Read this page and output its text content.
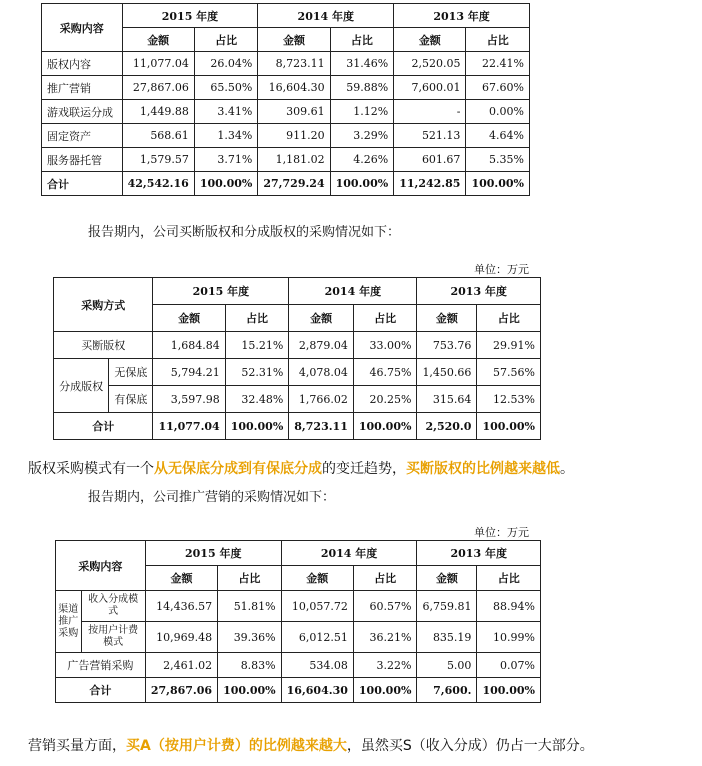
采购内容	2015 年度		2014 年度		2013 年度	
	金额	占比	金额	占比	金额	占比
版权内容	11,077.04	26.04%	8,723.11	31.46%	2,520.05	22.41%
推广营销	27,867.06	65.50%	16,604.30	59.88%	7,600.01	67.60%
游戏联运分成	1,449.88	3.41%	309.61	1.12%	-	0.00%
固定资产	568.61	1.34%	911.20	3.29%	521.13	4.64%
服务器托管	1,579.57	3.71%	1,181.02	4.26%	601.67	5.35%
合计	42,542.16	100.00%	27,729.24	100.00%	11,242.85	100.00%
报告期内，公司买断版权和分成版权的采购情况如下：
单位：万元
采购方式		2015 年度		2014 年度		2013 年度	
		金额	占比	金额	占比	金额	占比
买断版权		1,684.84	15.21%	2,879.04	33.00%	753.76	29.91%
分成版权	无保底	5,794.21	52.31%	4,078.04	46.75%	1,450.66	57.56%
	有保底	3,597.98	32.48%	1,766.02	20.25%	315.64	12.53%
合计		11,077.04	100.00%	8,723.11	100.00%	2,520.0	100.00%
版权采购模式有一个从无保底分成到有保底分成的变迁趋势，买断版权的比例越来越低。
报告期内，公司推广营销的采购情况如下：
单位：万元
采购内容		2015 年度		2014 年度		2013 年度	
		金额	占比	金额	占比	金额	占比
渠道推广采购	收入分成模式	14,436.57	51.81%	10,057.72	60.57%	6,759.81	88.94%
	按用户计费模式	10,969.48	39.36%	6,012.51	36.21%	835.19	10.99%
广告营销采购		2,461.02	8.83%	534.08	3.22%	5.00	0.07%
合计		27,867.06	100.00%	16,604.30	100.00%	7,600.	100.00%
营销买量方面，买A（按用户计费）的比例越来越大，虽然买S（收入分成）仍占一大部分。
